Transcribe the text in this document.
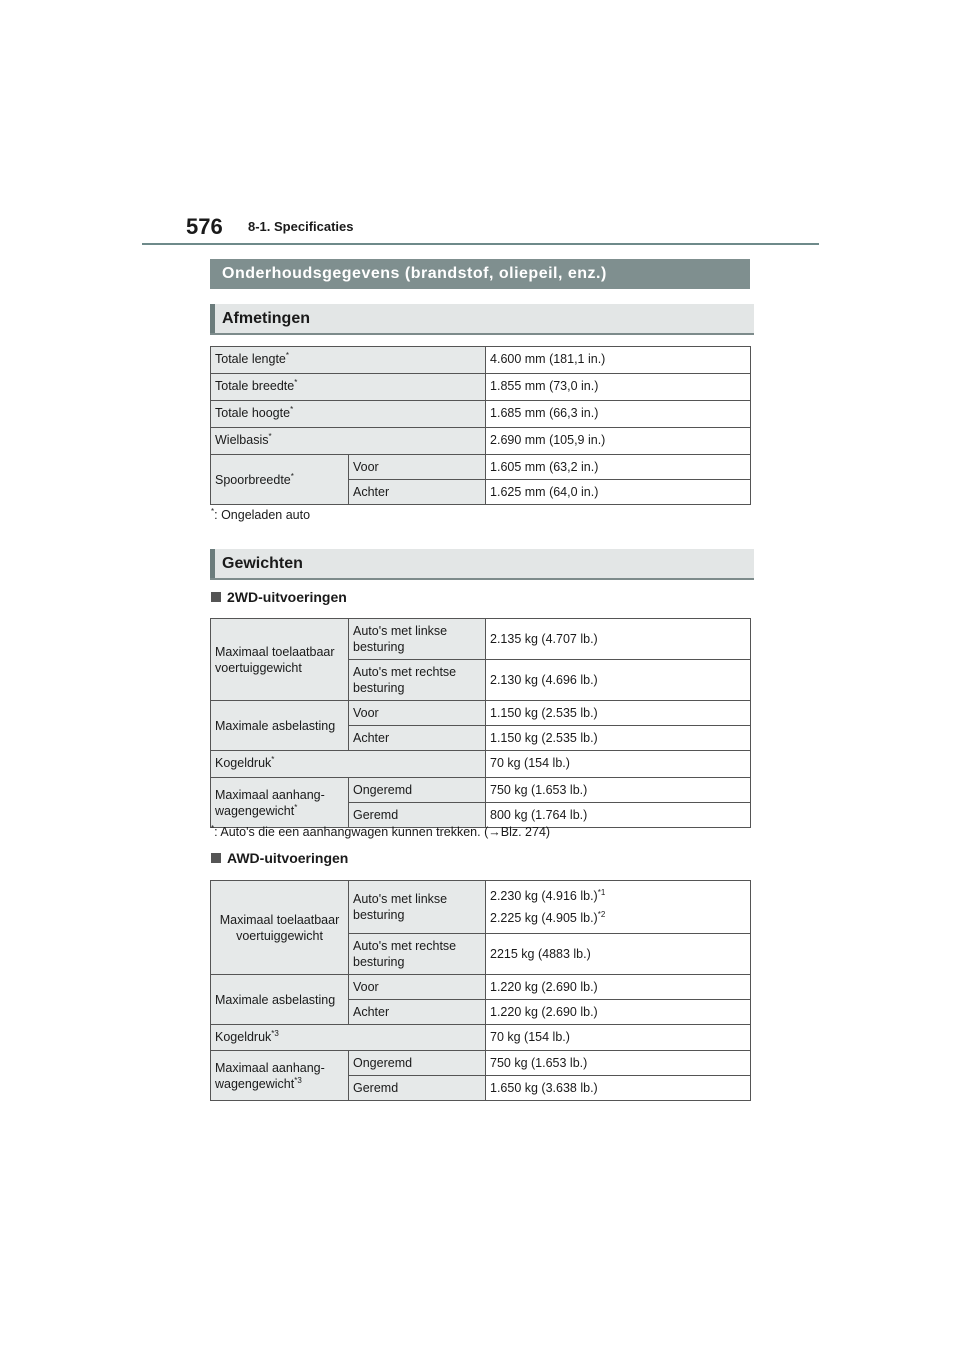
576 8-1. Specificaties
Onderhoudsgegevens (brandstof, oliepeil, enz.)
Afmetingen
Totale lengte*		4.600 mm (181,1 in.)
Totale breedte*		1.855 mm (73,0 in.)
Totale hoogte*		1.685 mm (66,3 in.)
Wielbasis*		2.690 mm (105,9 in.)
Spoorbreedte*	Voor	1.605 mm (63,2 in.)
	Achter	1.625 mm (64,0 in.)
*: Ongeladen auto
Gewichten
2WD-uitvoeringen
Maximaal toelaatbaar voertuiggewicht	Auto's met linkse besturing	2.135 kg (4.707 lb.)
	Auto's met rechtse besturing	2.130 kg (4.696 lb.)
Maximale asbelasting	Voor	1.150 kg (2.535 lb.)
	Achter	1.150 kg (2.535 lb.)
Kogeldruk*		70 kg (154 lb.)
Maximaal aanhang-
wagengewicht*	Ongeremd	750 kg (1.653 lb.)
	Geremd	800 kg (1.764 lb.)
*: Auto's die een aanhangwagen kunnen trekken. (→Blz. 274)
AWD-uitvoeringen
Maximaal toelaatbaar voertuiggewicht	Auto's met linkse besturing	2.230 kg (4.916 lb.)$^{*1}$
2.225 kg (4.905 lb.)$^{*2}$
	Auto's met rechtse besturing	2215 kg (4883 lb.)
Maximale asbelasting	Voor	1.220 kg (2.690 lb.)
	Achter	1.220 kg (2.690 lb.)
Kogeldruk$^{*3}$		70 kg (154 lb.)
Maximaal aanhang-
wagengewicht$^{*3}$	Ongeremd	750 kg (1.653 lb.)
	Geremd	1.650 kg (3.638 lb.)
